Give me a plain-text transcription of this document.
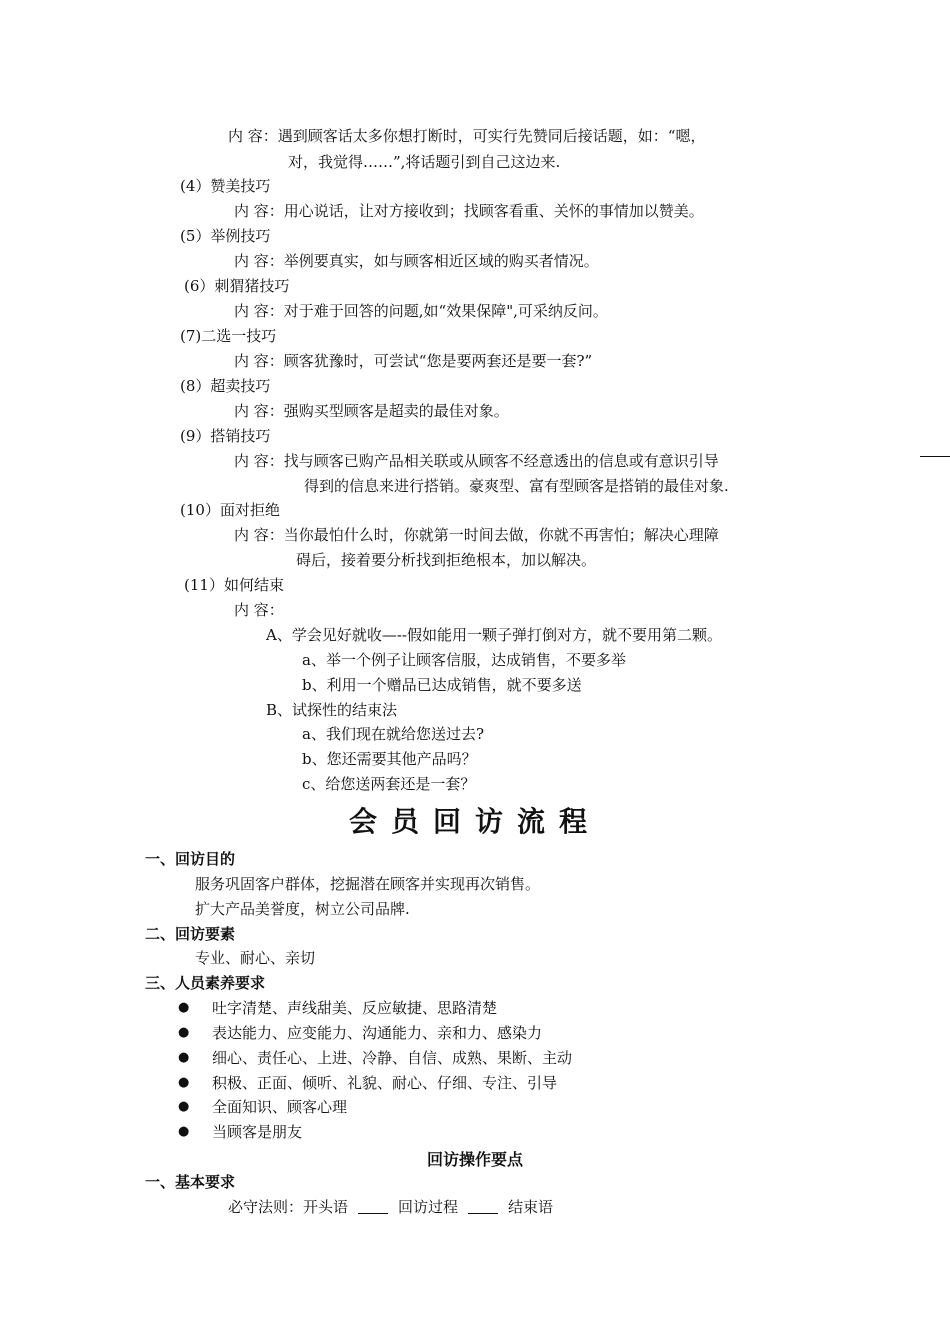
内 容：遇到顾客话太多你想打断时，可实行先赞同后接话题，如：“嗯，
对，我觉得……”,将话题引到自己这边来.
(4）赞美技巧
内 容：用心说话，让对方接收到；找顾客看重、关怀的事情加以赞美。
(5）举例技巧
内 容：举例要真实，如与顾客相近区域的购买者情况。
(6）刺猬猪技巧
内 容：对于难于回答的问题,如“效果保障",可采纳反问。
(7)二选一技巧
内 容：顾客犹豫时，可尝试“您是要两套还是要一套?”
(8）超卖技巧
内 容：强购买型顾客是超卖的最佳对象。
(9）搭销技巧
内 容：找与顾客已购产品相关联或从顾客不经意透出的信息或有意识引导
得到的信息来进行搭销。豪爽型、富有型顾客是搭销的最佳对象.
(10）面对拒绝
内 容：当你最怕什么时，你就第一时间去做，你就不再害怕；解决心理障
碍后，接着要分析找到拒绝根本，加以解决。
(11）如何结束
内 容：
A、学会见好就收—--假如能用一颗子弹打倒对方，就不要用第二颗。
a、举一个例子让顾客信服，达成销售，不要多举
b、利用一个赠品已达成销售，就不要多送
B、试探性的结束法
a、我们现在就给您送过去?
b、您还需要其他产品吗？
c、给您送两套还是一套？
会员回访流程
一、回访目的
服务巩固客户群体，挖掘潜在顾客并实现再次销售。
扩大产品美誉度，树立公司品牌.
二、回访要素
专业、耐心、亲切
三、人员素养要求
● 吐字清楚、声线甜美、反应敏捷、思路清楚
● 表达能力、应变能力、沟通能力、亲和力、感染力
● 细心、责任心、上进、冷静、自信、成熟、果断、主动
● 积极、正面、倾听、礼貌、耐心、仔细、专注、引导
● 全面知识、顾客心理
● 当顾客是朋友
回访操作要点
一、基本要求
必守法则：开头语	回访过程	结束语
